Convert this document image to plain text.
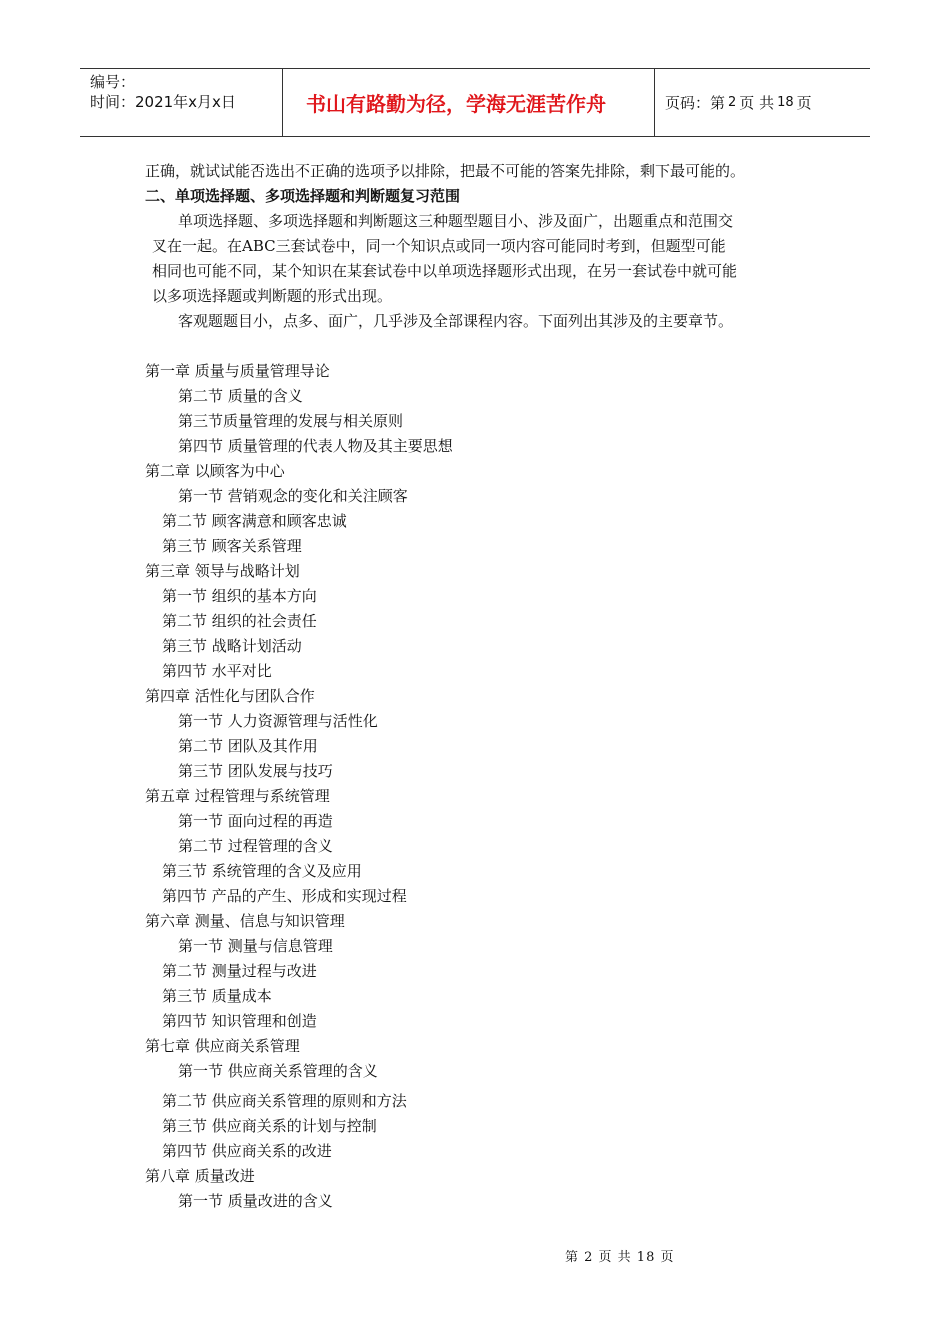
编号：
时间：2021年x月x日	书山有路勤为径，学海无涯苦作舟	页码：第 2 页 共 18 页
正确，就试试能否选出不正确的选项予以排除，把最不可能的答案先排除，剩下最可能的。
二、单项选择题、多项选择题和判断题复习范围
单项选择题、多项选择题和判断题这三种题型题目小、涉及面广，出题重点和范围交
叉在一起。在ABC三套试卷中，同一个知识点或同一项内容可能同时考到，但题型可能
相同也可能不同，某个知识在某套试卷中以单项选择题形式出现，在另一套试卷中就可能
以多项选择题或判断题的形式出现。
客观题题目小，点多、面广，几乎涉及全部课程内容。下面列出其涉及的主要章节。
第一章 质量与质量管理导论
第二节 质量的含义
第三节质量管理的发展与相关原则
第四节 质量管理的代表人物及其主要思想
第二章 以顾客为中心
第一节 营销观念的变化和关注顾客
第二节 顾客满意和顾客忠诚
第三节 顾客关系管理
第三章 领导与战略计划
第一节 组织的基本方向
第二节 组织的社会责任
第三节 战略计划活动
第四节 水平对比
第四章 活性化与团队合作
第一节 人力资源管理与活性化
第二节 团队及其作用
第三节 团队发展与技巧
第五章 过程管理与系统管理
第一节 面向过程的再造
第二节 过程管理的含义
第三节 系统管理的含义及应用
第四节 产品的产生、形成和实现过程
第六章 测量、信息与知识管理
第一节 测量与信息管理
第二节 测量过程与改进
第三节 质量成本
第四节 知识管理和创造
第七章 供应商关系管理
第一节 供应商关系管理的含义
第二节 供应商关系管理的原则和方法
第三节 供应商关系的计划与控制
第四节 供应商关系的改进
第八章 质量改进
第一节 质量改进的含义
第 2 页 共 18 页
